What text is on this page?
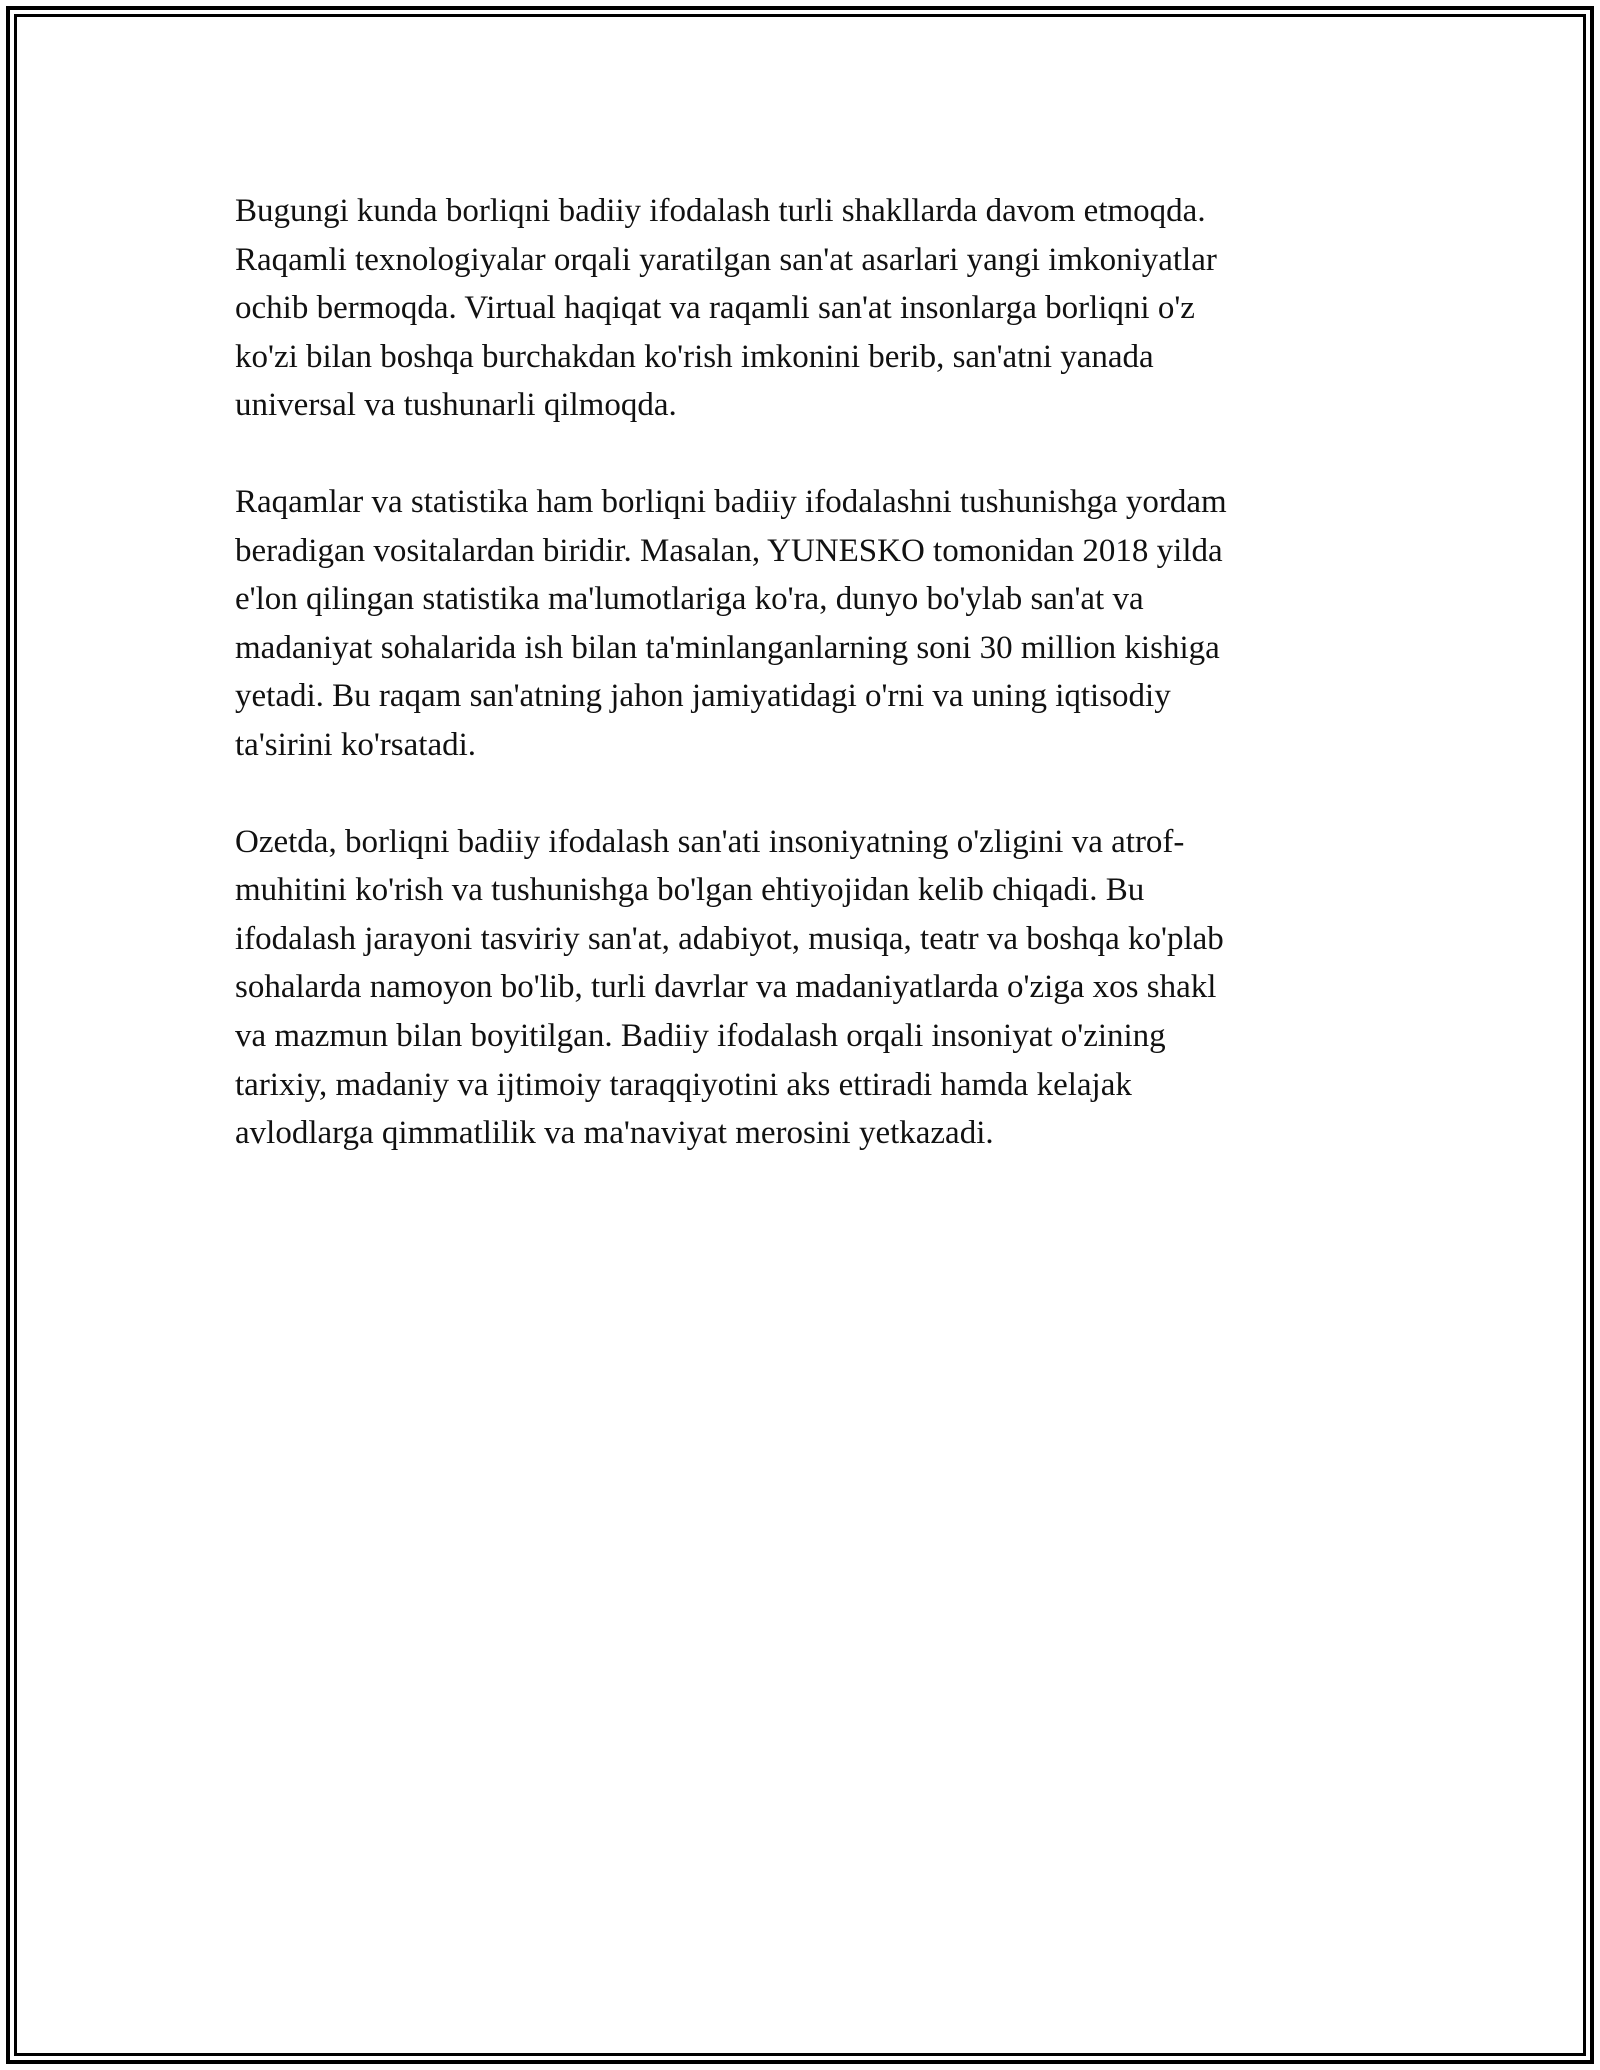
Bugungi kunda borliqni badiiy ifodalash turli shakllarda davom etmoqda.
Raqamli texnologiyalar orqali yaratilgan san'at asarlari yangi imkoniyatlar
ochib bermoqda. Virtual haqiqat va raqamli san'at insonlarga borliqni o'z
ko'zi bilan boshqa burchakdan ko'rish imkonini berib, san'atni yanada
universal va tushunarli qilmoqda.

Raqamlar va statistika ham borliqni badiiy ifodalashni tushunishga yordam
beradigan vositalardan biridir. Masalan, YUNESKO tomonidan 2018 yilda
e'lon qilingan statistika ma'lumotlariga ko'ra, dunyo bo'ylab san'at va
madaniyat sohalarida ish bilan ta'minlanganlarning soni 30 million kishiga
yetadi. Bu raqam san'atning jahon jamiyatidagi o'rni va uning iqtisodiy
ta'sirini ko'rsatadi.

Ozetda, borliqni badiiy ifodalash san'ati insoniyatning o'zligini va atrof-
muhitini ko'rish va tushunishga bo'lgan ehtiyojidan kelib chiqadi. Bu
ifodalash jarayoni tasviriy san'at, adabiyot, musiqa, teatr va boshqa ko'plab
sohalarda namoyon bo'lib, turli davrlar va madaniyatlarda o'ziga xos shakl
va mazmun bilan boyitilgan. Badiiy ifodalash orqali insoniyat o'zining
tarixiy, madaniy va ijtimoiy taraqqiyotini aks ettiradi hamda kelajak
avlodlarga qimmatlilik va ma'naviyat merosini yetkazadi.
